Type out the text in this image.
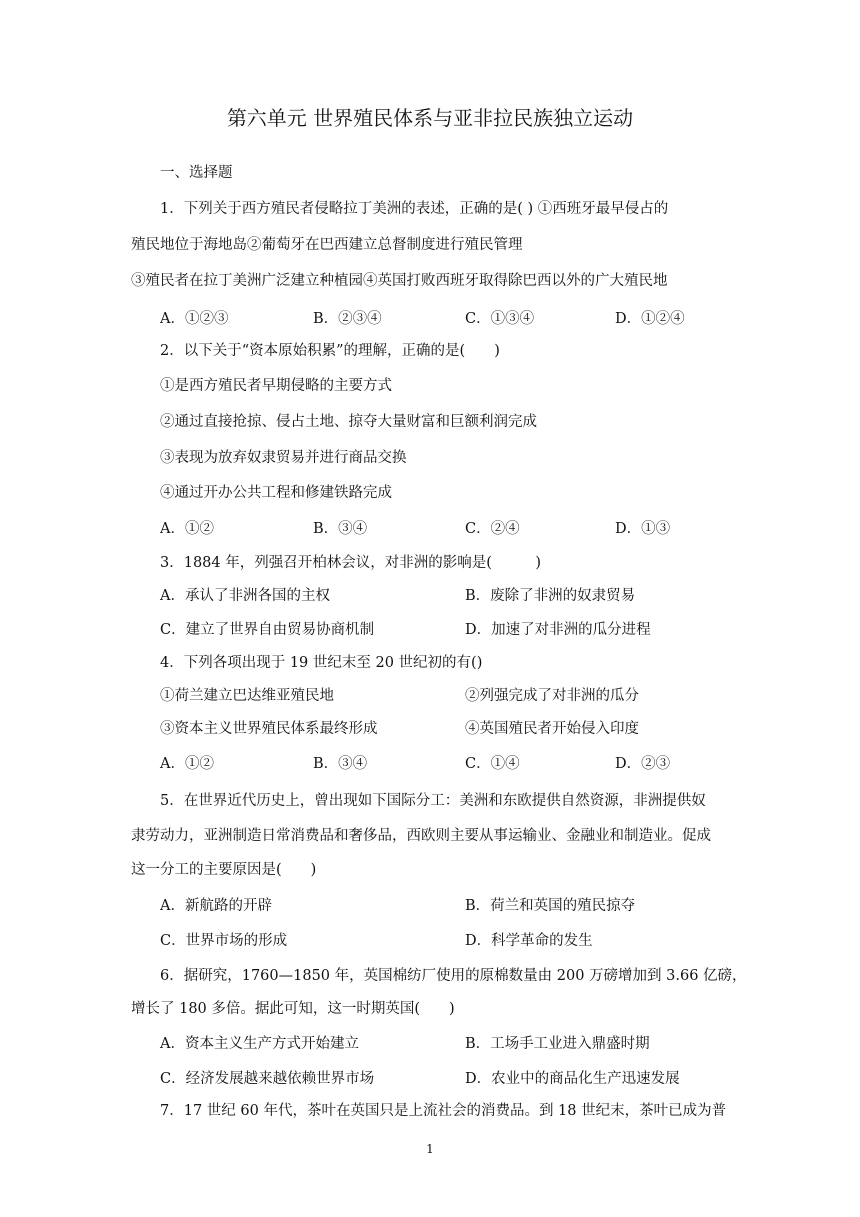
第六单元 世界殖民体系与亚非拉民族独立运动
一、选择题
1．下列关于西方殖民者侵略拉丁美洲的表述，正确的是( ) ①西班牙最早侵占的
殖民地位于海地岛②葡萄牙在巴西建立总督制度进行殖民管理
③殖民者在拉丁美洲广泛建立种植园④英国打败西班牙取得除巴西以外的广大殖民地
A．①②③	B．②③④	C．①③④	D．①②④
2．以下关于“资本原始积累”的理解，正确的是(　　)
①是西方殖民者早期侵略的主要方式
②通过直接抢掠、侵占土地、掠夺大量财富和巨额利润完成
③表现为放弃奴隶贸易并进行商品交换
④通过开办公共工程和修建铁路完成
A．①②	B．③④	C．②④	D．①③
3．1884 年，列强召开柏林会议，对非洲的影响是(　　　)
A．承认了非洲各国的主权	B．废除了非洲的奴隶贸易
C．建立了世界自由贸易协商机制	D．加速了对非洲的瓜分进程
4．下列各项出现于 19 世纪末至 20 世纪初的有()
①荷兰建立巴达维亚殖民地	②列强完成了对非洲的瓜分
③资本主义世界殖民体系最终形成	④英国殖民者开始侵入印度
A．①②	B．③④	C．①④	D．②③
5．在世界近代历史上，曾出现如下国际分工：美洲和东欧提供自然资源，非洲提供奴
隶劳动力，亚洲制造日常消费品和奢侈品，西欧则主要从事运输业、金融业和制造业。促成
这一分工的主要原因是(　　)
A．新航路的开辟	B．荷兰和英国的殖民掠夺
C．世界市场的形成	D．科学革命的发生
6．据研究，1760—1850 年，英国棉纺厂使用的原棉数量由 200 万磅增加到 3.66 亿磅，
增长了 180 多倍。据此可知，这一时期英国(　　)
A．资本主义生产方式开始建立	B．工场手工业进入鼎盛时期
C．经济发展越来越依赖世界市场	D．农业中的商品化生产迅速发展
7．17 世纪 60 年代，茶叶在英国只是上流社会的消费品。到 18 世纪末，茶叶已成为普
1
